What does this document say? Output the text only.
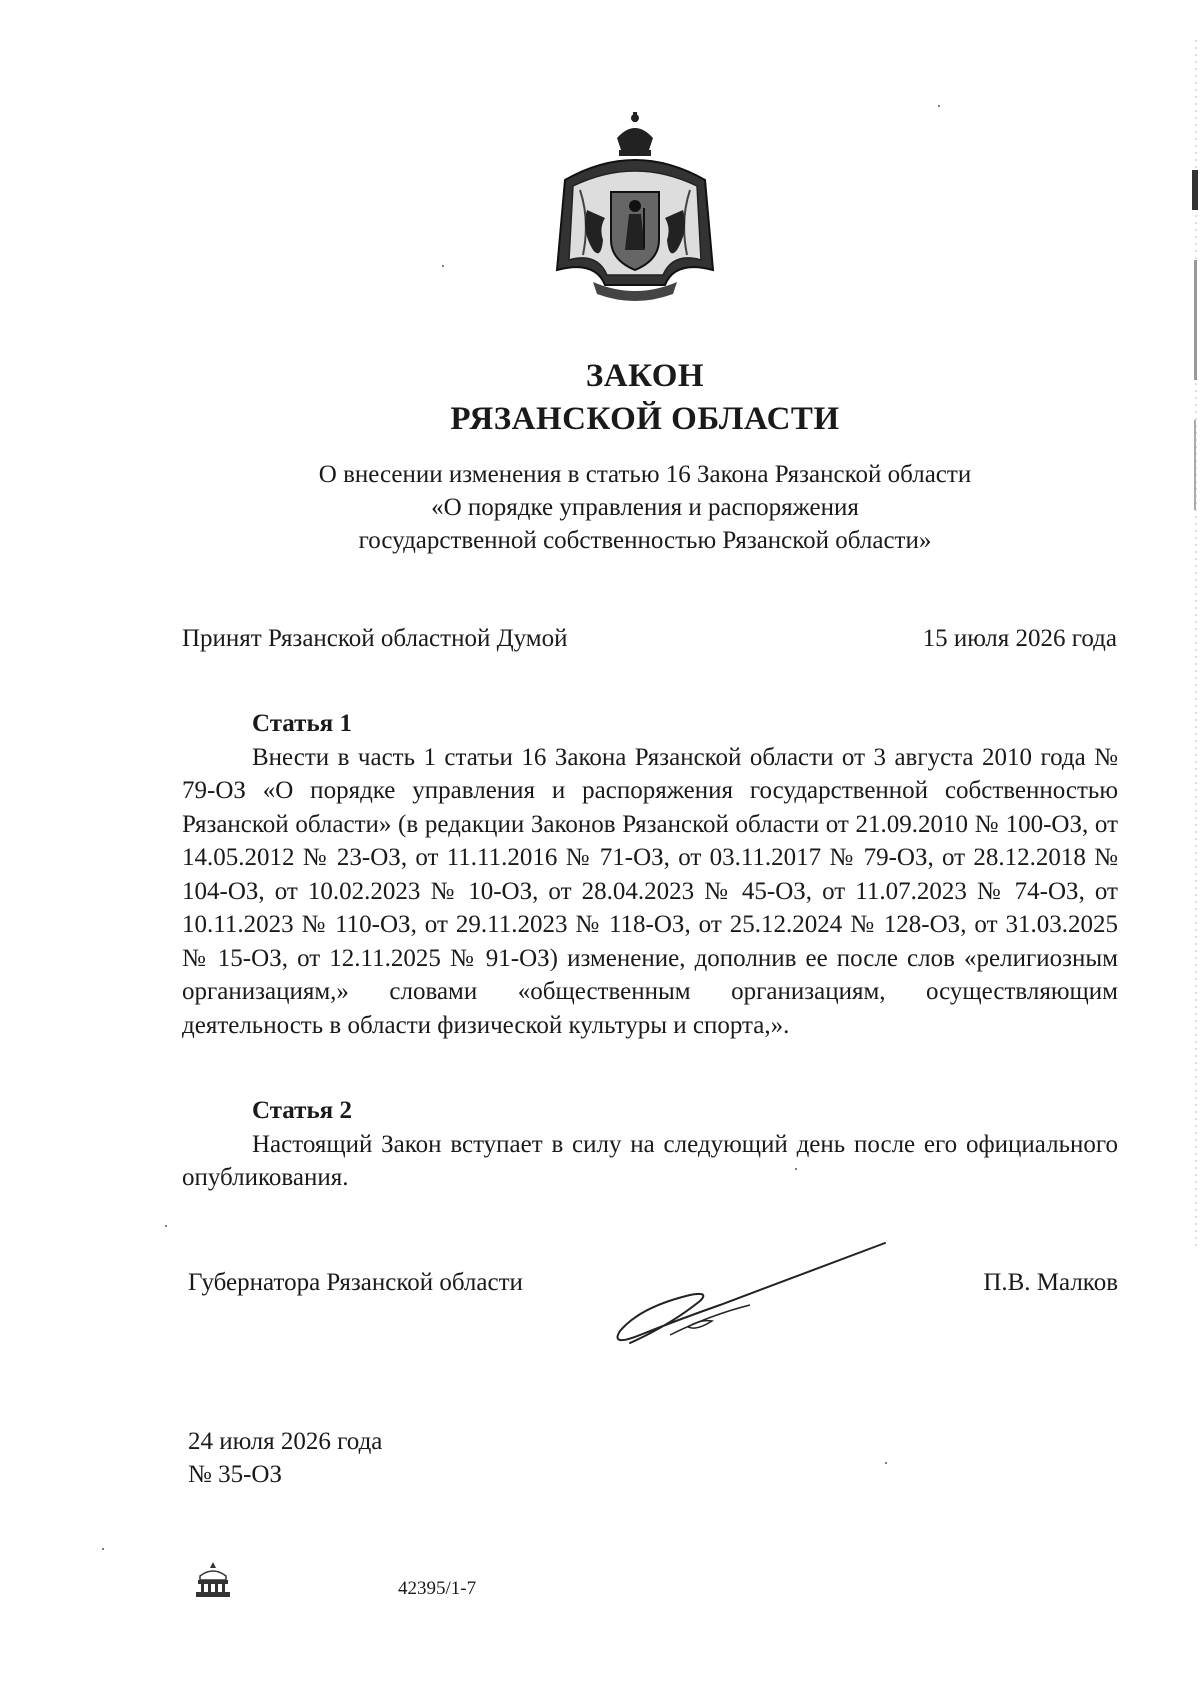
ЗАКОН
РЯЗАНСКОЙ ОБЛАСТИ
О внесении изменения в статью 16 Закона Рязанской области
«О порядке управления и распоряжения
государственной собственностью Рязанской области»
Принят Рязанской областной Думой	15 июля 2026 года
Статья 1

Внести в часть 1 статьи 16 Закона Рязанской области от 3 августа 2010 года № 79-ОЗ «О порядке управления и распоряжения государственной собственностью Рязанской области» (в редакции Законов Рязанской области от 21.09.2010 № 100-ОЗ, от 14.05.2012 № 23-ОЗ, от 11.11.2016 № 71-ОЗ, от 03.11.2017 № 79-ОЗ, от 28.12.2018 № 104-ОЗ, от 10.02.2023 № 10-ОЗ, от 28.04.2023 № 45-ОЗ, от 11.07.2023 № 74-ОЗ, от 10.11.2023 № 110-ОЗ, от 29.11.2023 № 118-ОЗ, от 25.12.2024 № 128-ОЗ, от 31.03.2025 № 15-ОЗ, от 12.11.2025 № 91-ОЗ) изменение, дополнив ее после слов «религиозным организациям,» словами «общественным организациям, осуществляющим деятельность в области физической культуры и спорта,».

Статья 2

Настоящий Закон вступает в силу на следующий день после его официального опубликования.

Губернатора Рязанской области	П.В. Малков
24 июля 2026 года
№ 35-ОЗ
42395/1-7
